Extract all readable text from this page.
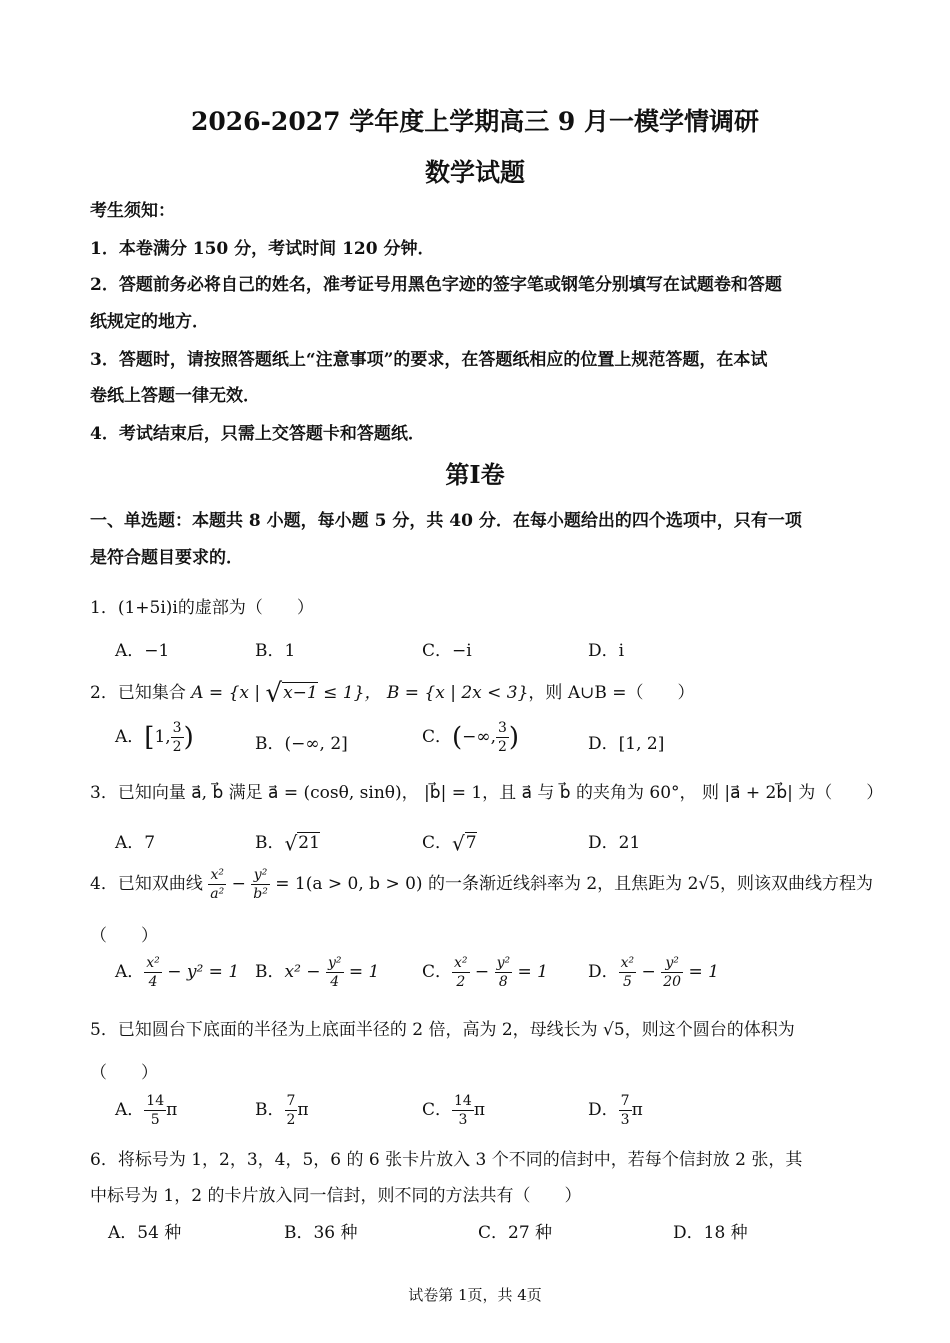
2026-2027 学年度上学期高三 9 月一模学情调研
数学试题
考生须知：
1．本卷满分 150 分，考试时间 120 分钟．
2．答题前务必将自己的姓名，准考证号用黑色字迹的签字笔或钢笔分别填写在试题卷和答题
纸规定的地方．
3．答题时，请按照答题纸上“注意事项”的要求，在答题纸相应的位置上规范答题，在本试
卷纸上答题一律无效．
4．考试结束后，只需上交答题卡和答题纸．
第Ⅰ卷
一、单选题：本题共 8 小题，每小题 5 分，共 40 分．在每小题给出的四个选项中，只有一项
是符合题目要求的．
1．(1+5i)i的虚部为（　　）
A．−1	B．1	C．−i	D．i
2．已知集合 A = {x | √x−1 ≤ 1}， B = {x | 2x < 3}，则 A∪B =（　　）
A．[1, $\frac{3}{2}$ )	B．(−∞, 2]	C．(−∞, $\frac{3}{2}$ )	D．[1, 2]
3．已知向量 a⃗, b⃗ 满足 a⃗ = (cosθ, sinθ)， |b⃗| = 1，且 a⃗ 与 b⃗ 的夹角为 60°， 则 |a⃗ + 2b⃗| 为（　　）
A．7	B．√21	C．√7	D．21
4．已知双曲线 $\frac{\text{x²}}{\text{a²}} - \frac{\text{y²}}{\text{b²}} = 1(a > 0$, b > 0) 的一条渐近线斜率为 2，且焦距为 2√5，则该双曲线方程为
（　　）
A． $\frac{\text{x²}}{4} - y^2 = 1$ B．$x^2 - \frac{\text{y²}}{4} = 1$	C． $\frac{\text{x²}}{2} - \frac{\text{y²}}{8} = 1$ D． $\frac{\text{x²}}{5} - \frac{\text{y²}}{20} = 1$
5．已知圆台下底面的半径为上底面半径的 2 倍，高为 2，母线长为 √5，则这个圆台的体积为
（　　）
A． $\frac{14}{5}$ π	B． $\frac{7}{2}$ π	C． $\frac{14}{3}$ π	D． $\frac{7}{3}$ π
6．将标号为 1，2，3，4，5，6 的 6 张卡片放入 3 个不同的信封中，若每个信封放 2 张，其
中标号为 1，2 的卡片放入同一信封，则不同的方法共有（　　）
A．54 种	B．36 种	C．27 种	D．18 种
试卷第 1页，共 4页
